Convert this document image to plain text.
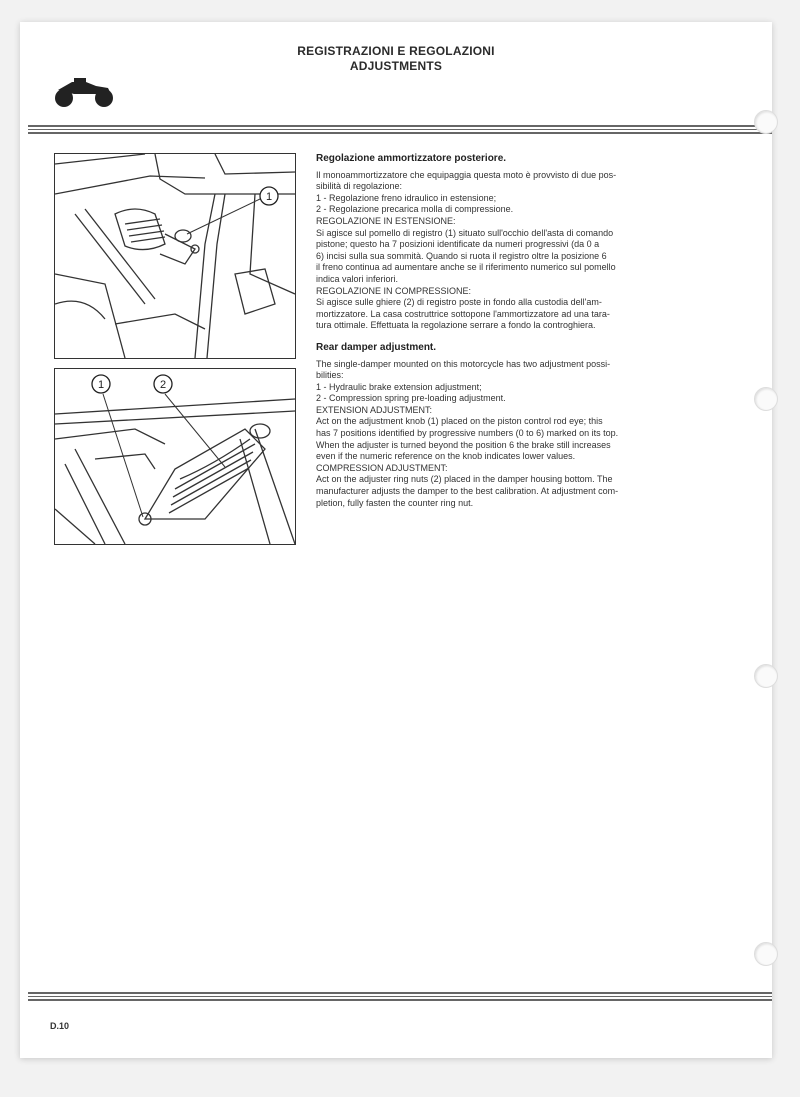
REGISTRAZIONI E REGOLAZIONI
ADJUSTMENTS
1
1	2
Regolazione ammortizzatore posteriore.

Il monoammortizzatore che equipaggia questa moto è provvisto di due pos-

sibilità di regolazione:

1 - Regolazione freno idraulico in estensione;

2 - Regolazione precarica molla di compressione.

REGOLAZIONE IN ESTENSIONE:

Si agisce sul pomello di registro (1) situato sull'occhio dell'asta di comando

pistone; questo ha 7 posizioni identificate da numeri progressivi (da 0 a

6) incisi sulla sua sommità. Quando si ruota il registro oltre la posizione 6

il freno continua ad aumentare anche se il riferimento numerico sul pomello

indica valori inferiori.

REGOLAZIONE IN COMPRESSIONE:

Si agisce sulle ghiere (2) di registro poste in fondo alla custodia dell'am-

mortizzatore. La casa costruttrice sottopone l'ammortizzatore ad una tara-

tura ottimale. Effettuata la regolazione serrare a fondo la controghiera.

Rear damper adjustment.

The single-damper mounted on this motorcycle has two adjustment possi-

bilities:

1 - Hydraulic brake extension adjustment;

2 - Compression spring pre-loading adjustment.

EXTENSION ADJUSTMENT:

Act on the adjustment knob (1) placed on the piston control rod eye; this

has 7 positions identified by progressive numbers (0 to 6) marked on its top.

When the adjuster is turned beyond the position 6 the brake still increases

even if the numeric reference on the knob indicates lower values.

COMPRESSION ADJUSTMENT:

Act on the adjuster ring nuts (2) placed in the damper housing bottom. The

manufacturer adjusts the damper to the best calibration. At adjustment com-

pletion, fully fasten the counter ring nut.

D.10
